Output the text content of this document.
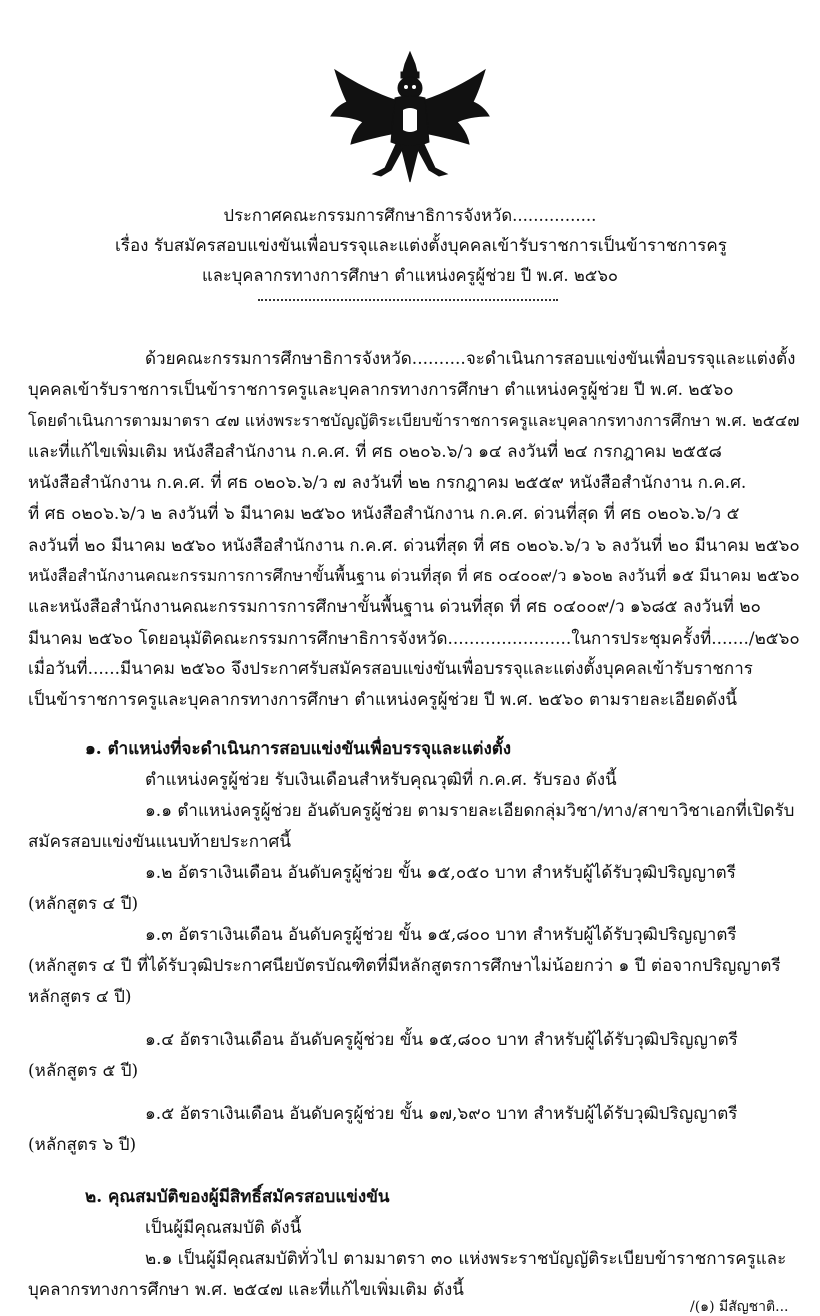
ประกาศคณะกรรมการศึกษาธิการจังหวัด................
เรื่อง รับสมัครสอบแข่งขันเพื่อบรรจุและแต่งตั้งบุคคลเข้ารับราชการเป็นข้าราชการครู
และบุคลากรทางการศึกษา ตำแหน่งครูผู้ช่วย ปี พ.ศ. ๒๕๖๐
ด้วยคณะกรรมการศึกษาธิการจังหวัด..........จะดำเนินการสอบแข่งขันเพื่อบรรจุและแต่งตั้ง
บุคคลเข้ารับราชการเป็นข้าราชการครูและบุคลากรทางการศึกษา ตำแหน่งครูผู้ช่วย ปี พ.ศ. ๒๕๖๐
โดยดำเนินการตามมาตรา ๔๗ แห่งพระราชบัญญัติระเบียบข้าราชการครูและบุคลากรทางการศึกษา พ.ศ. ๒๕๔๗
และที่แก้ไขเพิ่มเติม หนังสือสำนักงาน ก.ค.ศ. ที่ ศธ ๐๒๐๖.๖/ว ๑๔ ลงวันที่ ๒๔ กรกฎาคม ๒๕๕๘
หนังสือสำนักงาน ก.ค.ศ. ที่ ศธ ๐๒๐๖.๖/ว ๗ ลงวันที่ ๒๒ กรกฎาคม ๒๕๕๙ หนังสือสำนักงาน ก.ค.ศ.
ที่ ศธ ๐๒๐๖.๖/ว ๒ ลงวันที่ ๖ มีนาคม ๒๕๖๐ หนังสือสำนักงาน ก.ค.ศ. ด่วนที่สุด ที่ ศธ ๐๒๐๖.๖/ว ๕
ลงวันที่ ๒๐ มีนาคม ๒๕๖๐ หนังสือสำนักงาน ก.ค.ศ. ด่วนที่สุด ที่ ศธ ๐๒๐๖.๖/ว ๖ ลงวันที่ ๒๐ มีนาคม ๒๕๖๐
หนังสือสำนักงานคณะกรรมการการศึกษาขั้นพื้นฐาน ด่วนที่สุด ที่ ศธ ๐๔๐๐๙/ว ๑๖๐๒ ลงวันที่ ๑๕ มีนาคม ๒๕๖๐
และหนังสือสำนักงานคณะกรรมการการศึกษาขั้นพื้นฐาน ด่วนที่สุด ที่ ศธ ๐๔๐๐๙/ว ๑๖๘๕ ลงวันที่ ๒๐
มีนาคม ๒๕๖๐ โดยอนุมัติคณะกรรมการศึกษาธิการจังหวัด.......................ในการประชุมครั้งที่......./๒๕๖๐
เมื่อวันที่......มีนาคม ๒๕๖๐ จึงประกาศรับสมัครสอบแข่งขันเพื่อบรรจุและแต่งตั้งบุคคลเข้ารับราชการ
เป็นข้าราชการครูและบุคลากรทางการศึกษา ตำแหน่งครูผู้ช่วย ปี พ.ศ. ๒๕๖๐ ตามรายละเอียดดังนี้
๑. ตำแหน่งที่จะดำเนินการสอบแข่งขันเพื่อบรรจุและแต่งตั้ง
ตำแหน่งครูผู้ช่วย รับเงินเดือนสำหรับคุณวุฒิที่ ก.ค.ศ. รับรอง ดังนี้
๑.๑ ตำแหน่งครูผู้ช่วย อันดับครูผู้ช่วย ตามรายละเอียดกลุ่มวิชา/ทาง/สาขาวิชาเอกที่เปิดรับ
สมัครสอบแข่งขันแนบท้ายประกาศนี้
๑.๒ อัตราเงินเดือน อันดับครูผู้ช่วย ขั้น ๑๕,๐๕๐ บาท สำหรับผู้ได้รับวุฒิปริญญาตรี
(หลักสูตร ๔ ปี)
๑.๓ อัตราเงินเดือน อันดับครูผู้ช่วย ขั้น ๑๕,๘๐๐ บาท สำหรับผู้ได้รับวุฒิปริญญาตรี
(หลักสูตร ๔ ปี ที่ได้รับวุฒิประกาศนียบัตรบัณฑิตที่มีหลักสูตรการศึกษาไม่น้อยกว่า ๑ ปี ต่อจากปริญญาตรี
หลักสูตร ๔ ปี)
๑.๔ อัตราเงินเดือน อันดับครูผู้ช่วย ขั้น ๑๕,๘๐๐ บาท สำหรับผู้ได้รับวุฒิปริญญาตรี
(หลักสูตร ๕ ปี)
๑.๕ อัตราเงินเดือน อันดับครูผู้ช่วย ขั้น ๑๗,๖๙๐ บาท สำหรับผู้ได้รับวุฒิปริญญาตรี
(หลักสูตร ๖ ปี)
๒. คุณสมบัติของผู้มีสิทธิ์สมัครสอบแข่งขัน
เป็นผู้มีคุณสมบัติ ดังนี้
๒.๑ เป็นผู้มีคุณสมบัติทั่วไป ตามมาตรา ๓๐ แห่งพระราชบัญญัติระเบียบข้าราชการครูและ
บุคลากรทางการศึกษา พ.ศ. ๒๕๔๗ และที่แก้ไขเพิ่มเติม ดังนี้
/(๑) มีสัญชาติ...
